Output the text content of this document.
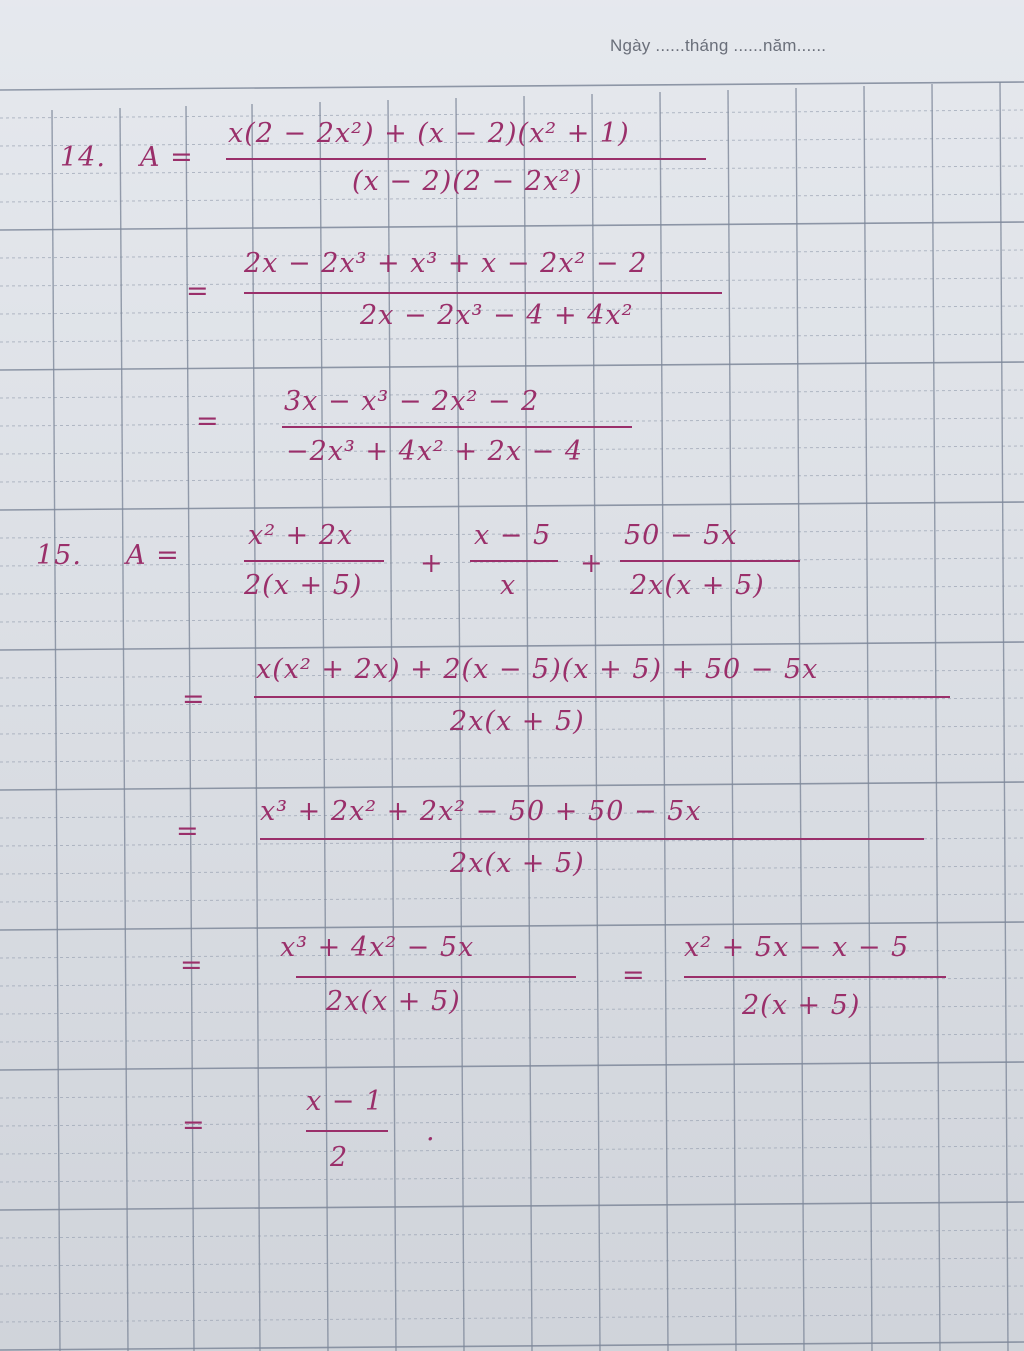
Ngày ......tháng ......năm......
14. A =
x(2 − 2x²) + (x − 2)(x² + 1)
(x − 2)(2 − 2x²)
=
2x − 2x³ + x³ + x − 2x² − 2
2x − 2x³ − 4 + 4x²
=
3x − x³ − 2x² − 2
−2x³ + 4x² + 2x − 4
15. A =
x² + 2x
2(x + 5)
+
x − 5
x
+
50 − 5x
2x(x + 5)
=
x(x² + 2x) + 2(x − 5)(x + 5) + 50 − 5x
2x(x + 5)
=
x³ + 2x² + 2x² − 50 + 50 − 5x
2x(x + 5)
=
x³ + 4x² − 5x
2x(x + 5)
=
x² + 5x − x − 5
2(x + 5)
=
x − 1
2
.
